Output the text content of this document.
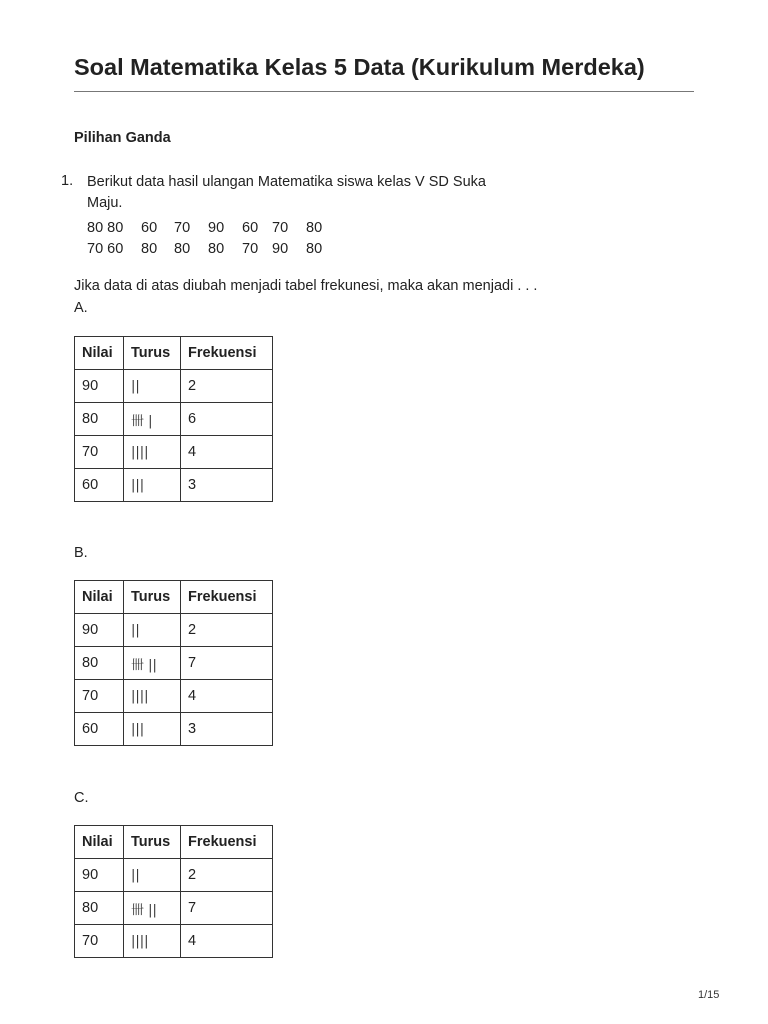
Soal Matematika Kelas 5 Data (Kurikulum Merdeka)
Pilihan Ganda
1. Berikut data hasil ulangan Matematika siswa kelas V SD Suka Maju.
80 80 60 70 90 60 70 80
70 60 80 80 80 70 90 80
Jika data di atas diubah menjadi tabel frekunesi, maka akan menjadi . . .
A.
Nilai	Turus	Frekuensi
90	||	2
80	卌 |	6
70	||||	4
60	|||	3
B.
Nilai	Turus	Frekuensi
90	||	2
80	卌 ||	7
70	||||	4
60	|||	3
C.
Nilai	Turus	Frekuensi
90	||	2
80	卌 ||	7
70	||||	4
1/15
